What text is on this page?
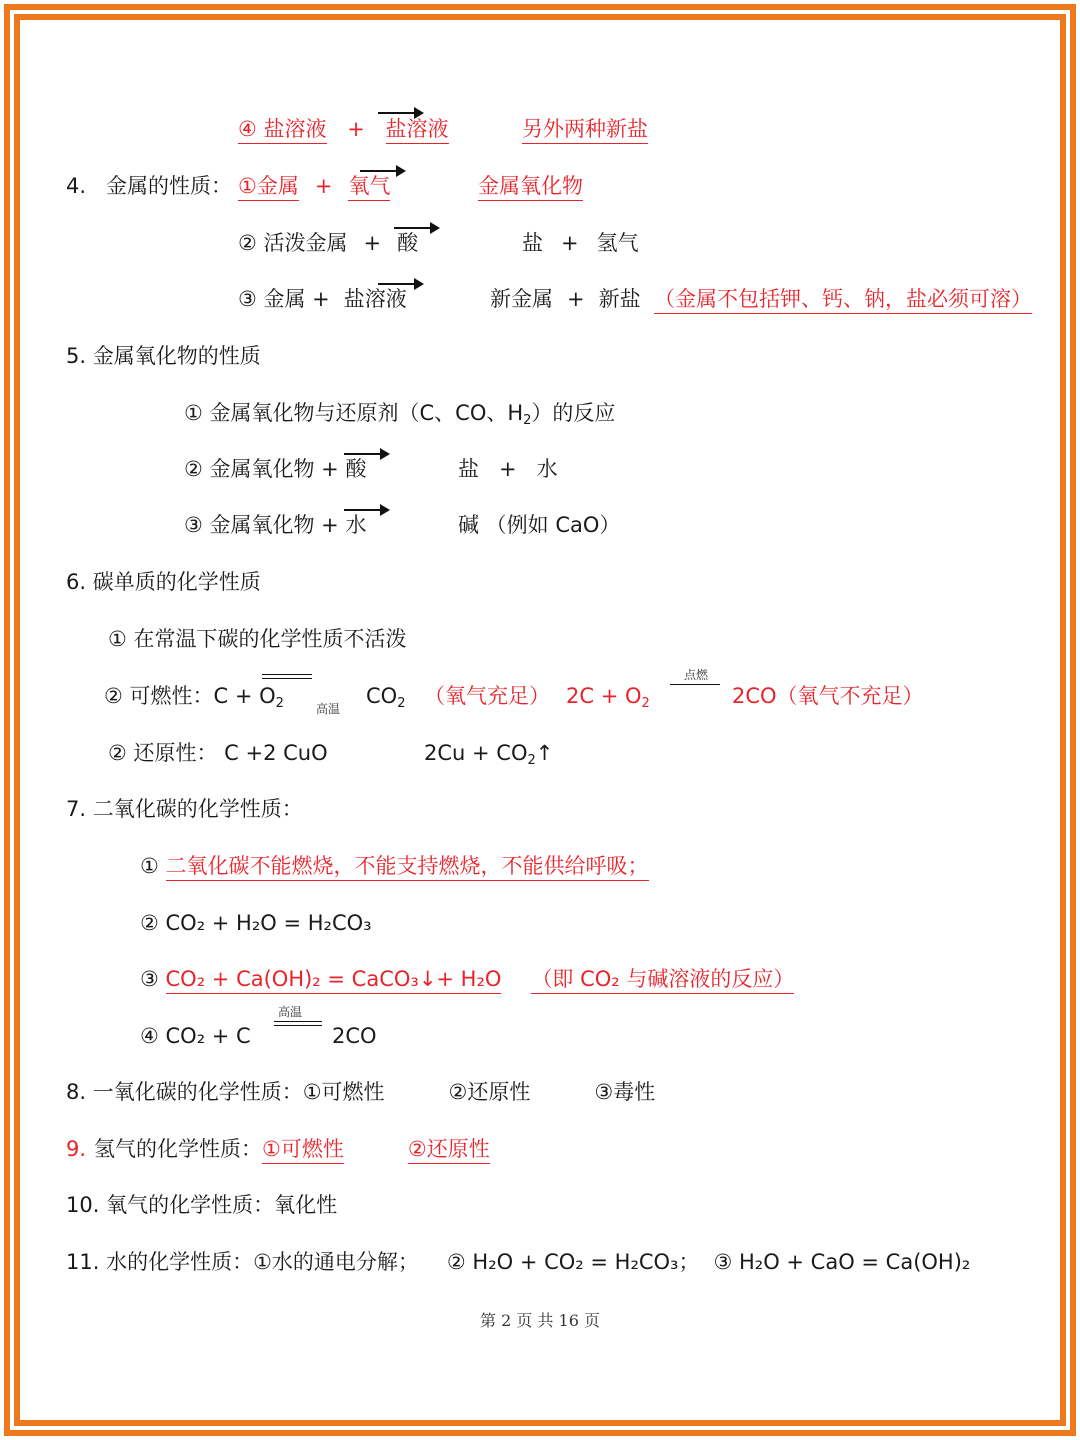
④ 盐溶液 + 盐溶液	另外两种新盐
4. 金属的性质： ①金属 + 氧气	金属氧化物
② 活泼金属 + 酸	盐 + 氢气
③ 金属 + 盐溶液	新金属 + 新盐 （金属不包括钾、钙、钠，盐必须可溶）
5. 金属氧化物的性质
① 金属氧化物与还原剂（C、CO、$H_2$）的反应
② 金属氧化物 + 酸	盐 + 水
③ 金属氧化物 + 水	碱 （例如 CaO）
6. 碳单质的化学性质
① 在常温下碳的化学性质不活泼
② 可燃性：$C + O_2$	高温
$CO_2$ （氧气充足） $2C + O_2$
点燃
2CO（氧气不充足）
② 还原性： C +2 CuO	$2Cu + CO_2↑$
7. 二氧化碳的化学性质：
① 二氧化碳不能燃烧，不能支持燃烧，不能供给呼吸；
② CO₂ + H₂O = H₂CO₃
③ CO₂ + Ca(OH)₂ = CaCO₃↓+ H₂O （即 CO₂ 与碱溶液的反应）
④ CO₂ + C
高温
2CO
8. 一氧化碳的化学性质：①可燃性	②还原性	③毒性
9. 氢气的化学性质：①可燃性	②还原性
10. 氧气的化学性质：氧化性
11. 水的化学性质：①水的通电分解； ② H₂O + CO₂ = H₂CO₃； ③ H₂O + CaO = Ca(OH)₂
第 2 页 共 16 页
